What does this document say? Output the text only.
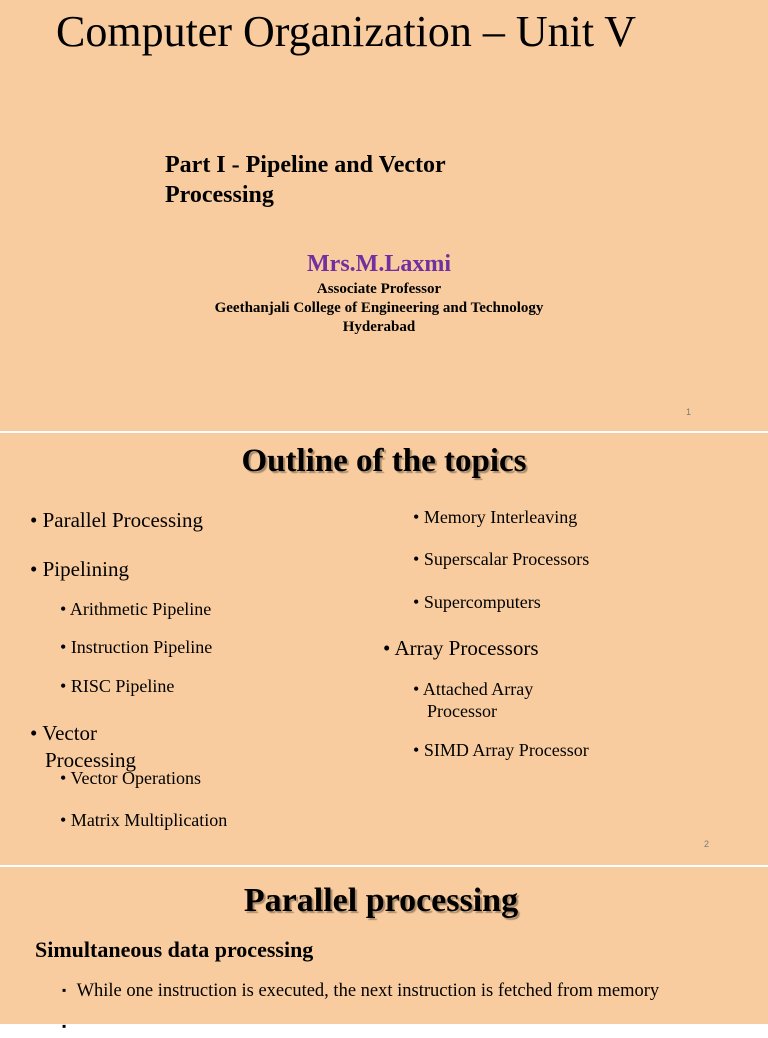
Computer Organization – Unit V
Part I - Pipeline and Vector
Processing
Mrs.M.Laxmi
Associate Professor
Geethanjali College of Engineering and Technology
Hyderabad
1
Outline of the topics
• Parallel Processing
• Pipelining
• Arithmetic Pipeline
• Instruction Pipeline
• RISC Pipeline
• Vector
Processing
• Vector Operations
• Matrix Multiplication
• Memory Interleaving
• Superscalar Processors
• Supercomputers
• Array Processors
• Attached Array
Processor
• SIMD Array Processor
2
Parallel processing
Simultaneous data processing
▪ While one instruction is executed, the next instruction is fetched from memory
▪
